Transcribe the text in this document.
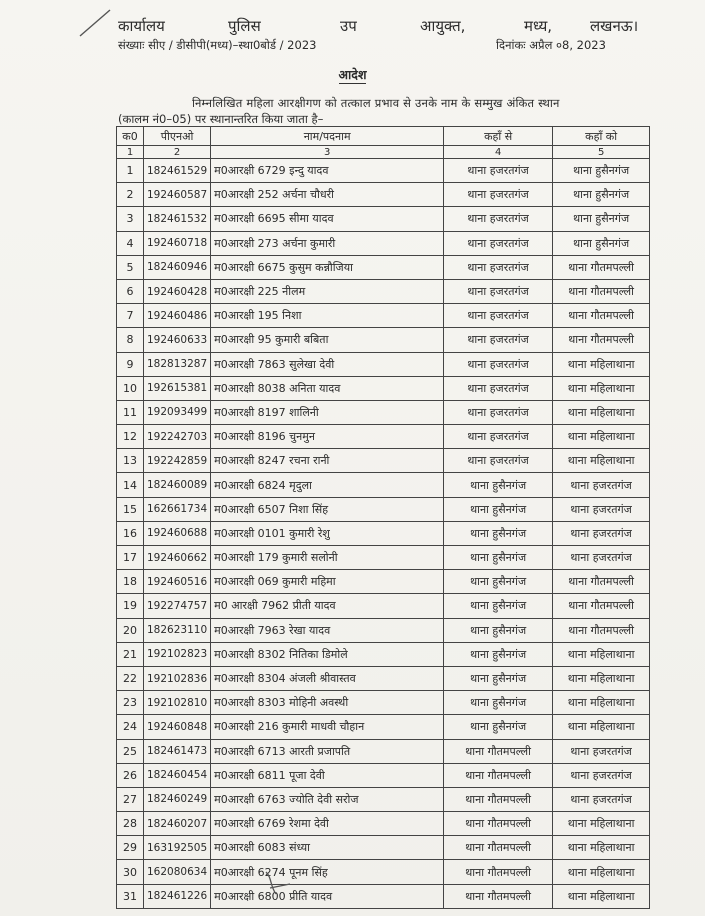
कार्यालय	पुलिस	उप	आयुक्त,	मध्य,	लखनऊ।
संख्याः सीए / डीसीपी(मध्य)–स्था0बोर्ड / 2023	दिनांकः अप्रैल ०8, 2023
आदेश
निम्नलिखित महिला आरक्षीगण को तत्काल प्रभाव से उनके नाम के सम्मुख अंकित स्थान
(कालम नं0–05) पर स्थानान्तरित किया जाता है–
क0	पीएनओ	नाम/पदनाम	कहाँ से	कहाँ को
1	2	3	4	5
1	182461529	म0आरक्षी 6729 इन्दु यादव	थाना हजरतगंज	थाना हुसैनगंज
2	192460587	म0आरक्षी 252 अर्चना चौधरी	थाना हजरतगंज	थाना हुसैनगंज
3	182461532	म0आरक्षी 6695 सीमा यादव	थाना हजरतगंज	थाना हुसैनगंज
4	192460718	म0आरक्षी 273 अर्चना कुमारी	थाना हजरतगंज	थाना हुसैनगंज
5	182460946	म0आरक्षी 6675 कुसुम कन्नौजिया	थाना हजरतगंज	थाना गौतमपल्ली
6	192460428	म0आरक्षी 225 नीलम	थाना हजरतगंज	थाना गौतमपल्ली
7	192460486	म0आरक्षी 195 निशा	थाना हजरतगंज	थाना गौतमपल्ली
8	192460633	म0आरक्षी 95 कुमारी बबिता	थाना हजरतगंज	थाना गौतमपल्ली
9	182813287	म0आरक्षी 7863 सुलेखा देवी	थाना हजरतगंज	थाना महिलाथाना
10	192615381	म0आरक्षी 8038 अनिता यादव	थाना हजरतगंज	थाना महिलाथाना
11	192093499	म0आरक्षी 8197 शालिनी	थाना हजरतगंज	थाना महिलाथाना
12	192242703	म0आरक्षी 8196 चुनमुन	थाना हजरतगंज	थाना महिलाथाना
13	192242859	म0आरक्षी 8247 रचना रानी	थाना हजरतगंज	थाना महिलाथाना
14	182460089	म0आरक्षी 6824 मृदुला	थाना हुसैनगंज	थाना हजरतगंज
15	162661734	म0आरक्षी 6507 निशा सिंह	थाना हुसैनगंज	थाना हजरतगंज
16	192460688	म0आरक्षी 0101 कुमारी रेशु	थाना हुसैनगंज	थाना हजरतगंज
17	192460662	म0आरक्षी 179 कुमारी सलोनी	थाना हुसैनगंज	थाना हजरतगंज
18	192460516	म0आरक्षी 069 कुमारी महिमा	थाना हुसैनगंज	थाना गौतमपल्ली
19	192274757	म0 आरक्षी 7962 प्रीती यादव	थाना हुसैनगंज	थाना गौतमपल्ली
20	182623110	म0आरक्षी 7963 रेखा यादव	थाना हुसैनगंज	थाना गौतमपल्ली
21	192102823	म0आरक्षी 8302 नितिका डिमोले	थाना हुसैनगंज	थाना महिलाथाना
22	192102836	म0आरक्षी 8304 अंजली श्रीवास्तव	थाना हुसैनगंज	थाना महिलाथाना
23	192102810	म0आरक्षी 8303 मोहिनी अवस्थी	थाना हुसैनगंज	थाना महिलाथाना
24	192460848	म0आरक्षी 216 कुमारी माधवी चौहान	थाना हुसैनगंज	थाना महिलाथाना
25	182461473	म0आरक्षी 6713 आरती प्रजापति	थाना गौतमपल्ली	थाना हजरतगंज
26	182460454	म0आरक्षी 6811 पूजा देवी	थाना गौतमपल्ली	थाना हजरतगंज
27	182460249	म0आरक्षी 6763 ज्योति देवी सरोज	थाना गौतमपल्ली	थाना हजरतगंज
28	182460207	म0आरक्षी 6769 रेशमा देवी	थाना गौतमपल्ली	थाना महिलाथाना
29	163192505	म0आरक्षी 6083 संध्या	थाना गौतमपल्ली	थाना महिलाथाना
30	162080634	म0आरक्षी 6274 पूनम सिंह	थाना गौतमपल्ली	थाना महिलाथाना
31	182461226	म0आरक्षी 6800 प्रीति यादव	थाना गौतमपल्ली	थाना महिलाथाना
